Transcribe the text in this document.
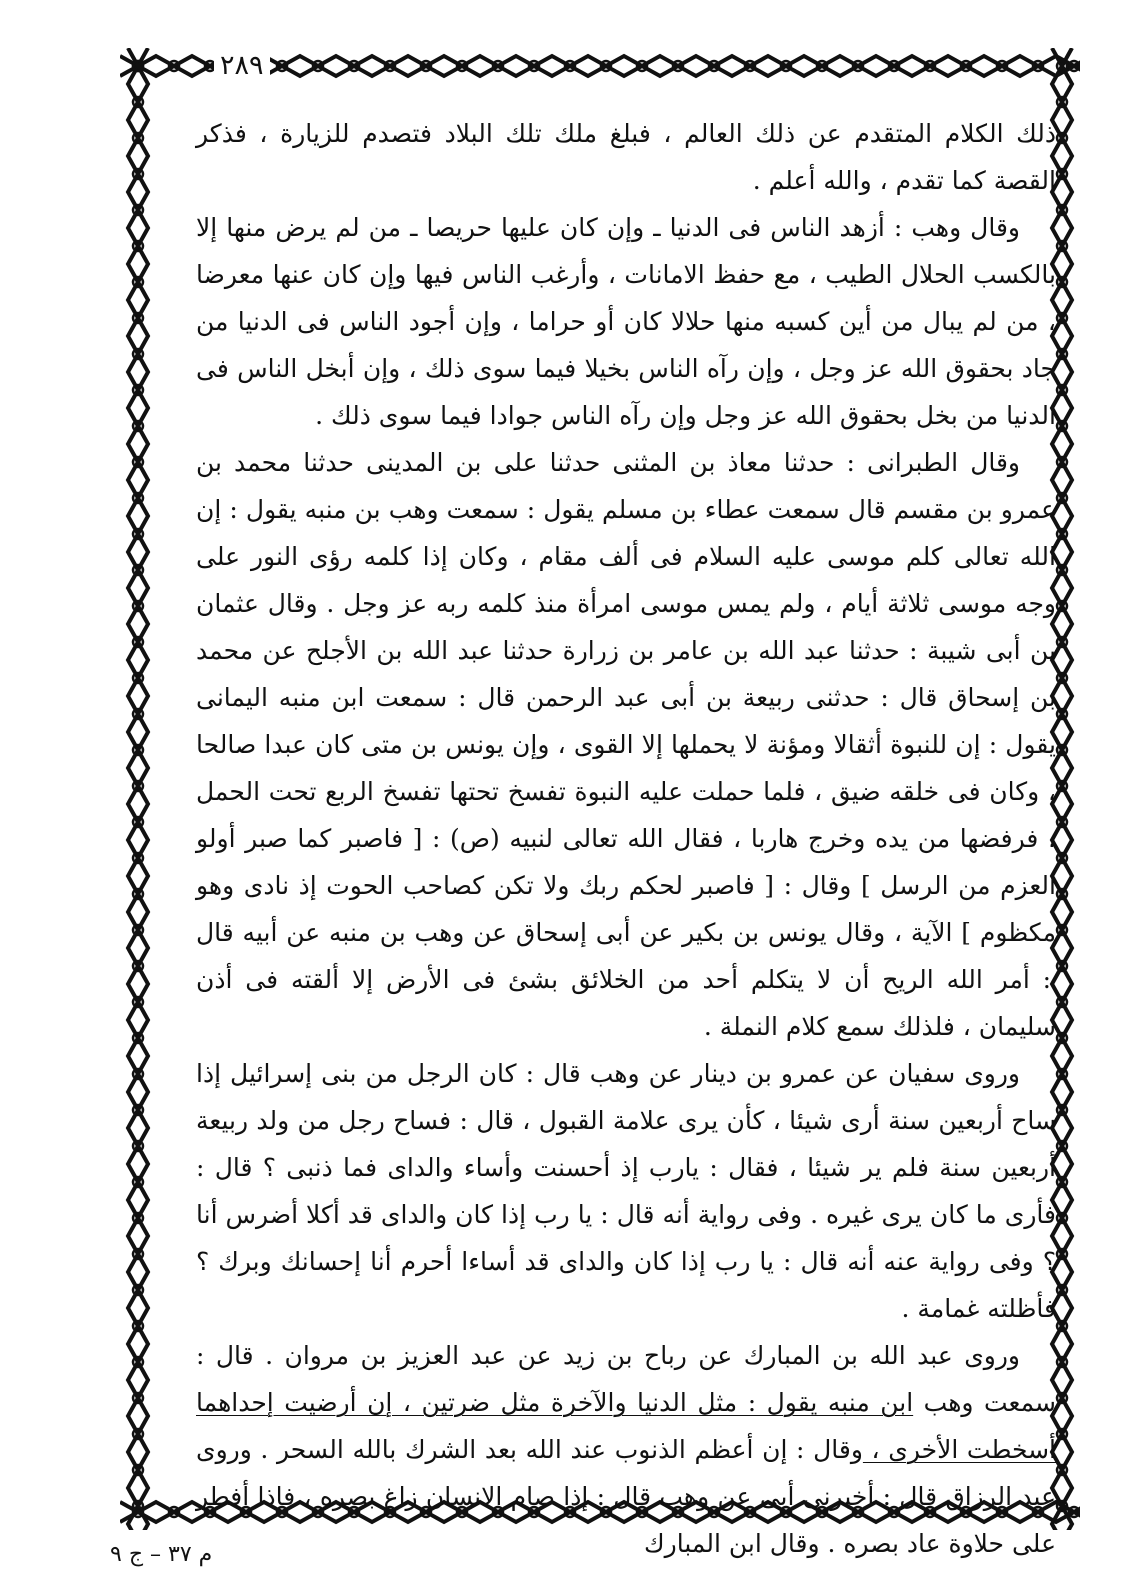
٢٨٩

ذلك الكلام المتقدم عن ذلك العالم ، فبلغ ملك تلك البلاد فتصدم للزيارة ، فذكر القصة كما تقدم ، والله أعلم .

وقال وهب : أزهد الناس فى الدنيا ـ وإن كان عليها حريصا ـ من لم يرض منها إلا بالكسب الحلال الطيب ، مع حفظ الامانات ، وأرغب الناس فيها وإن كان عنها معرضا ، من لم يبال من أين كسبه منها حلالا كان أو حراما ، وإن أجود الناس فى الدنيا من جاد بحقوق الله عز وجل ، وإن رآه الناس بخيلا فيما سوى ذلك ، وإن أبخل الناس فى الدنيا من بخل بحقوق الله عز وجل وإن رآه الناس جوادا فيما سوى ذلك .

وقال الطبرانى : حدثنا معاذ بن المثنى حدثنا على بن المدينى حدثنا محمد بن عمرو بن مقسم قال سمعت عطاء بن مسلم يقول : سمعت وهب بن منبه يقول : إن الله تعالى كلم موسى عليه السلام فى ألف مقام ، وكان إذا كلمه رؤى النور على وجه موسى ثلاثة أيام ، ولم يمس موسى امرأة منذ كلمه ربه عز وجل . وقال عثمان بن أبى شيبة : حدثنا عبد الله بن عامر بن زرارة حدثنا عبد الله بن الأجلح عن محمد بن إسحاق قال : حدثنى ربيعة بن أبى عبد الرحمن قال : سمعت ابن منبه اليمانى يقول : إن للنبوة أثقالا ومؤنة لا يحملها إلا القوى ، وإن يونس بن متى كان عبدا صالحا ، وكان فى خلقه ضيق ، فلما حملت عليه النبوة تفسخ تحتها تفسخ الربع تحت الحمل ، فرفضها من يده وخرج هاربا ، فقال الله تعالى لنبيه (ص) : [ فاصبر كما صبر أولو العزم من الرسل ] وقال : [ فاصبر لحكم ربك ولا تكن كصاحب الحوت إذ نادى وهو مكظوم ] الآية ، وقال يونس بن بكير عن أبى إسحاق عن وهب بن منبه عن أبيه قال : أمر الله الريح أن لا يتكلم أحد من الخلائق بشئ فى الأرض إلا ألقته فى أذن سليمان ، فلذلك سمع كلام النملة .

وروى سفيان عن عمرو بن دينار عن وهب قال : كان الرجل من بنى إسرائيل إذا ساح أربعين سنة أرى شيئا ، كأن يرى علامة القبول ، قال : فساح رجل من ولد ربيعة أربعين سنة فلم ير شيئا ، فقال : يارب إذ أحسنت وأساء والداى فما ذنبى ؟ قال : فأرى ما كان يرى غيره . وفى رواية أنه قال : يا رب إذا كان والداى قد أكلا أضرس أنا ؟ وفى رواية عنه أنه قال : يا رب إذا كان والداى قد أساءا أحرم أنا إحسانك وبرك ؟ فأظلته غمامة .

وروى عبد الله بن المبارك عن رباح بن زيد عن عبد العزيز بن مروان . قال : سمعت وهب ابن منبه يقول : مثل الدنيا والآخرة مثل ضرتين ، إن أرضيت إحداهما أسخطت الأخرى ، وقال : إن أعظم الذنوب عند الله بعد الشرك بالله السحر . وروى عبد الرزاق قال : أخبرنى أبى عن وهب قال : إذا صام الانسان زاغ بصره ، فاذا أفطر على حلاوة عاد بصره . وقال ابن المبارك

م ٣٧ – ج ٩
